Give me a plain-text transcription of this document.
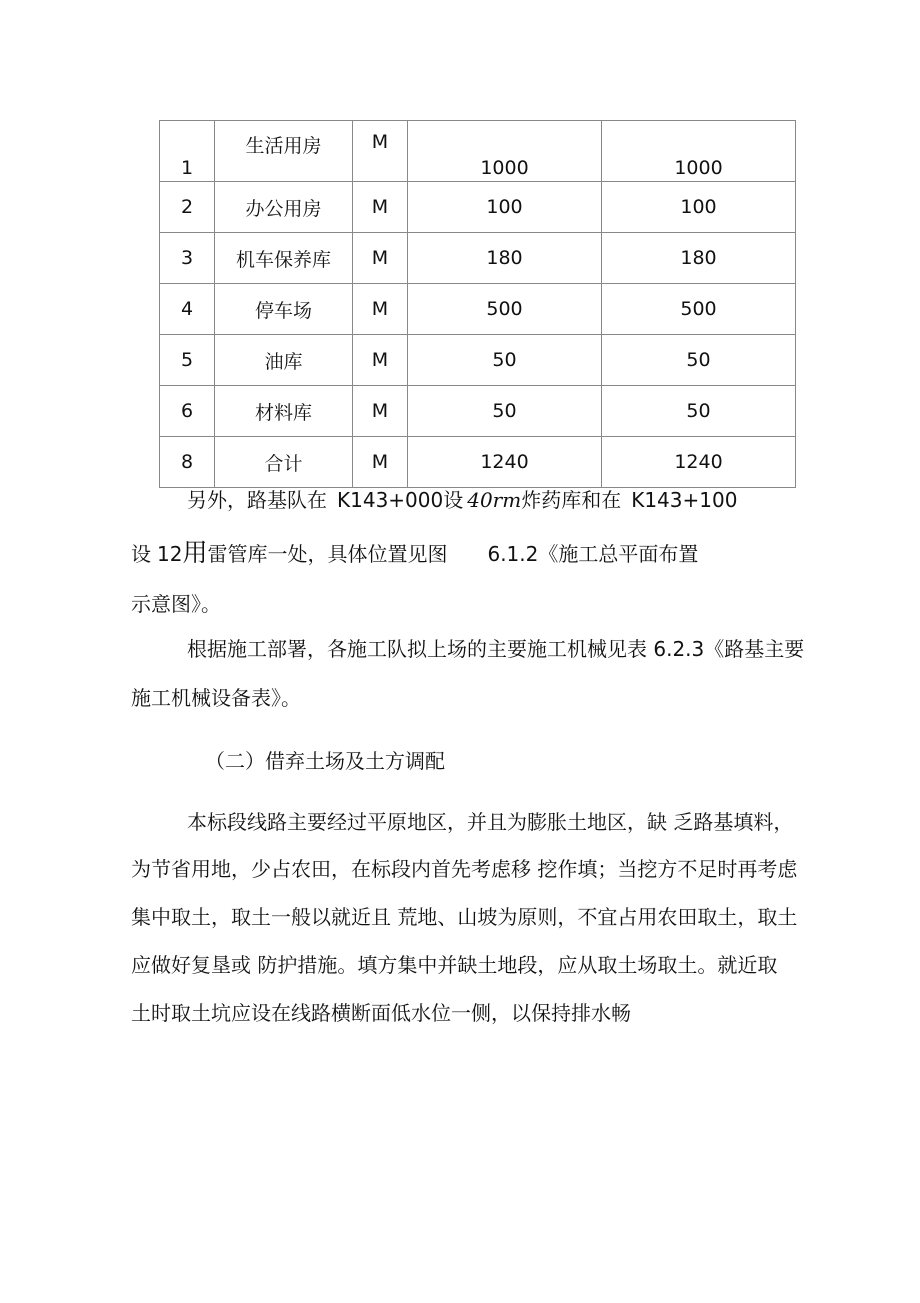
1	生活用房	M	1000	1000
2	办公用房	M	100	100
3	机车保养库	M	180	180
4	停车场	M	500	500
5	油库	M	50	50
6	材料库	M	50	50
8	合计	M	1240	1240
另外，路基队在 K143+000设 40rm炸药库和在 K143+100
设 12用雷管库一处，具体位置见图 6.1.2《施工总平面布置
示意图》。
根据施工部署，各施工队拟上场的主要施工机械见表 6.2.3《路基主要
施工机械设备表》。
（二）借弃土场及土方调配
本标段线路主要经过平原地区，并且为膨胀土地区，缺 乏路基填料，
为节省用地，少占农田，在标段内首先考虑移 挖作填；当挖方不足时再考虑
集中取土，取土一般以就近且 荒地、山坡为原则，不宜占用农田取土，取土
应做好复垦或 防护措施。填方集中并缺土地段，应从取土场取土。就近取
土时取土坑应设在线路横断面低水位一侧，以保持排水畅
